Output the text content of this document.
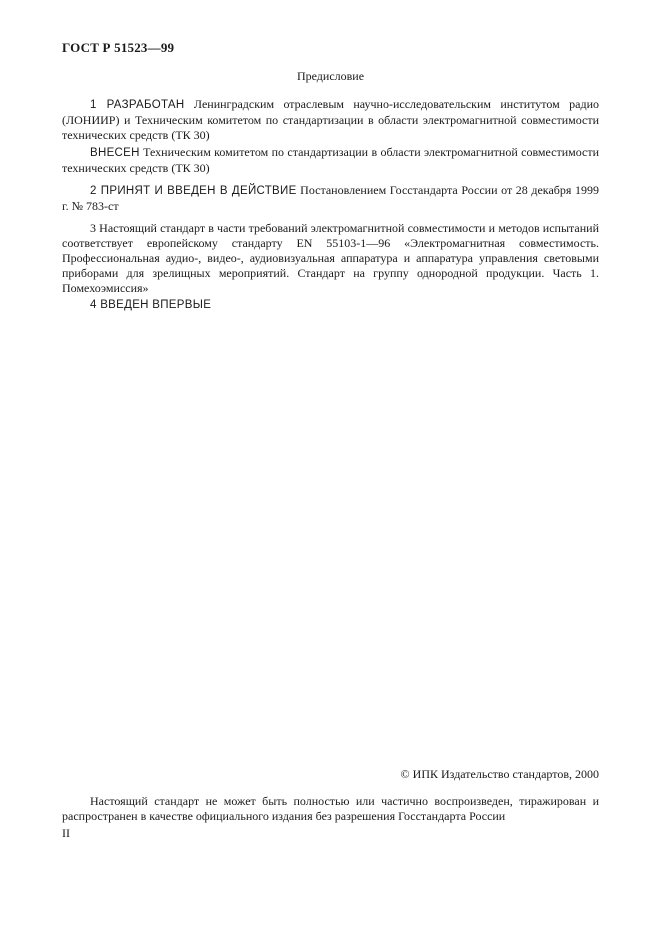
ГОСТ Р 51523—99
Предисловие
1 РАЗРАБОТАН Ленинградским отраслевым научно-исследовательским институтом радио (ЛОНИИР) и Техническим комитетом по стандартизации в области электромагнитной совместимости технических средств (ТК 30)
ВНЕСЕН Техническим комитетом по стандартизации в области электромагнитной совместимости технических средств (ТК 30)
2 ПРИНЯТ И ВВЕДЕН В ДЕЙСТВИЕ Постановлением Госстандарта России от 28 декабря 1999 г. № 783-ст
3 Настоящий стандарт в части требований электромагнитной совместимости и методов испытаний соответствует европейскому стандарту EN 55103-1—96 «Электромагнитная совместимость. Профессиональная аудио-, видео-, аудиовизуальная аппаратура и аппаратура управления световыми приборами для зрелищных мероприятий. Стандарт на группу однородной продукции. Часть 1. Помехоэмиссия»
4 ВВЕДЕН ВПЕРВЫЕ
© ИПК Издательство стандартов, 2000
Настоящий стандарт не может быть полностью или частично воспроизведен, тиражирован и распространен в качестве официального издания без разрешения Госстандарта России
II
